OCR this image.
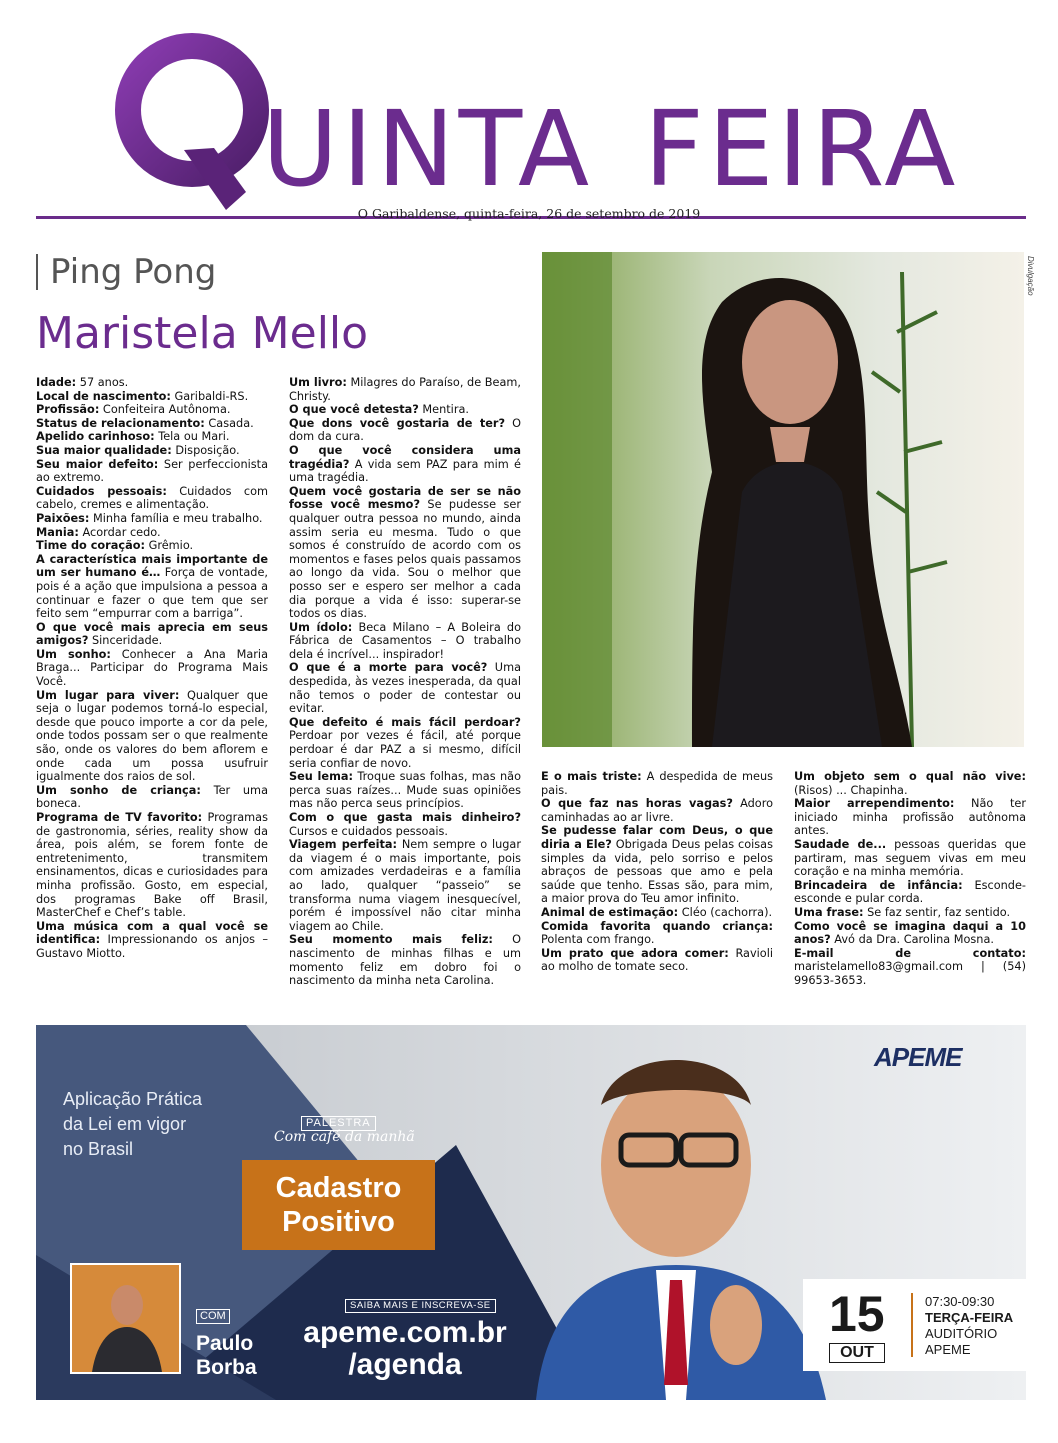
UINTA FEIRA
O Garibaldense, quinta-feira, 26 de setembro de 2019
Ping Pong
Maristela Mello

Idade: 57 anos.

Local de nascimento: Garibaldi-RS.

Profissão: Confeiteira Autônoma.

Status de relacionamento: Casada.

Apelido carinhoso: Tela ou Mari.

Sua maior qualidade: Disposição.

Seu maior defeito: Ser perfeccionista ao extremo.

Cuidados pessoais: Cuidados com cabelo, cremes e alimentação.

Paixões: Minha família e meu trabalho.

Mania: Acordar cedo.

Time do coração: Grêmio.

A característica mais importante de um ser humano é… Força de vontade, pois é a ação que impulsiona a pessoa a continuar e fazer o que tem que ser feito sem “empurrar com a barriga”.

O que você mais aprecia em seus amigos? Sinceridade.

Um sonho: Conhecer a Ana Maria Braga... Participar do Programa Mais Você.

Um lugar para viver: Qualquer que seja o lugar podemos torná-lo especial, desde que pouco importe a cor da pele, onde todos possam ser o que realmente são, onde os valores do bem aflorem e onde cada um possa usufruir igualmente dos raios de sol.

Um sonho de criança: Ter uma boneca.

Programa de TV favorito: Programas de gastronomia, séries, reality show da área, pois além, se forem fonte de entretenimento, transmitem ensinamentos, dicas e curiosidades para minha profissão. Gosto, em especial, dos programas Bake off Brasil, MasterChef e Chef’s table.

Uma música com a qual você se identifica: Impressionando os anjos – Gustavo Miotto.

Um livro: Milagres do Paraíso, de Beam, Christy.

O que você detesta? Mentira.

Que dons você gostaria de ter? O dom da cura.

O que você considera uma tragédia? A vida sem PAZ para mim é uma tragédia.

Quem você gostaria de ser se não fosse você mesmo? Se pudesse ser qualquer outra pessoa no mundo, ainda assim seria eu mesma. Tudo o que somos é construído de acordo com os momentos e fases pelos quais passamos ao longo da vida. Sou o melhor que posso ser e espero ser melhor a cada dia porque a vida é isso: superar-se todos os dias.

Um ídolo: Beca Milano – A Boleira do Fábrica de Casamentos – O trabalho dela é incrível... inspirador!

O que é a morte para você? Uma despedida, às vezes inesperada, da qual não temos o poder de contestar ou evitar.

Que defeito é mais fácil perdoar? Perdoar por vezes é fácil, até porque perdoar é dar PAZ a si mesmo, difícil seria confiar de novo.

Seu lema: Troque suas folhas, mas não perca suas raízes... Mude suas opiniões mas não perca seus princípios.

Com o que gasta mais dinheiro? Cursos e cuidados pessoais.

Viagem perfeita: Nem sempre o lugar da viagem é o mais importante, pois com amizades verdadeiras e a família ao lado, qualquer “passeio” se transforma numa viagem inesquecível, porém é impossível não citar minha viagem ao Chile.

Seu momento mais feliz: O nascimento de minhas filhas e um momento feliz em dobro foi o nascimento da minha neta Carolina.

E o mais triste: A despedida de meus pais.

O que faz nas horas vagas? Adoro caminhadas ao ar livre.

Se pudesse falar com Deus, o que diria a Ele? Obrigada Deus pelas coisas simples da vida, pelo sorriso e pelos abraços de pessoas que amo e pela saúde que tenho. Essas são, para mim, a maior prova do Teu amor infinito.

Animal de estimação: Cléo (cachorra).

Comida favorita quando criança: Polenta com frango.

Um prato que adora comer: Ravioli ao molho de tomate seco.

Um objeto sem o qual não vive: (Risos) ... Chapinha.

Maior arrependimento: Não ter iniciado minha profissão autônoma antes.

Saudade de... pessoas queridas que partiram, mas seguem vivas em meu coração e na minha memória.

Brincadeira de infância: Esconde-esconde e pular corda.

Uma frase: Se faz sentir, faz sentido.

Como você se imagina daqui a 10 anos? Avó da Dra. Carolina Mosna.

E-mail de contato: maristelamello83@gmail.com | (54) 99653-3653.

Divulgação
Aplicação Prática da Lei em vigor no Brasil
PALESTRA
Com café da manhã
Cadastro
Positivo
COM
Paulo
Borba
SAIBA MAIS E INSCREVA-SE
apeme.com.br
/agenda
APEME
15
OUT
07:30-09:30
TERÇA-FEIRA
AUDITÓRIO
APEME
